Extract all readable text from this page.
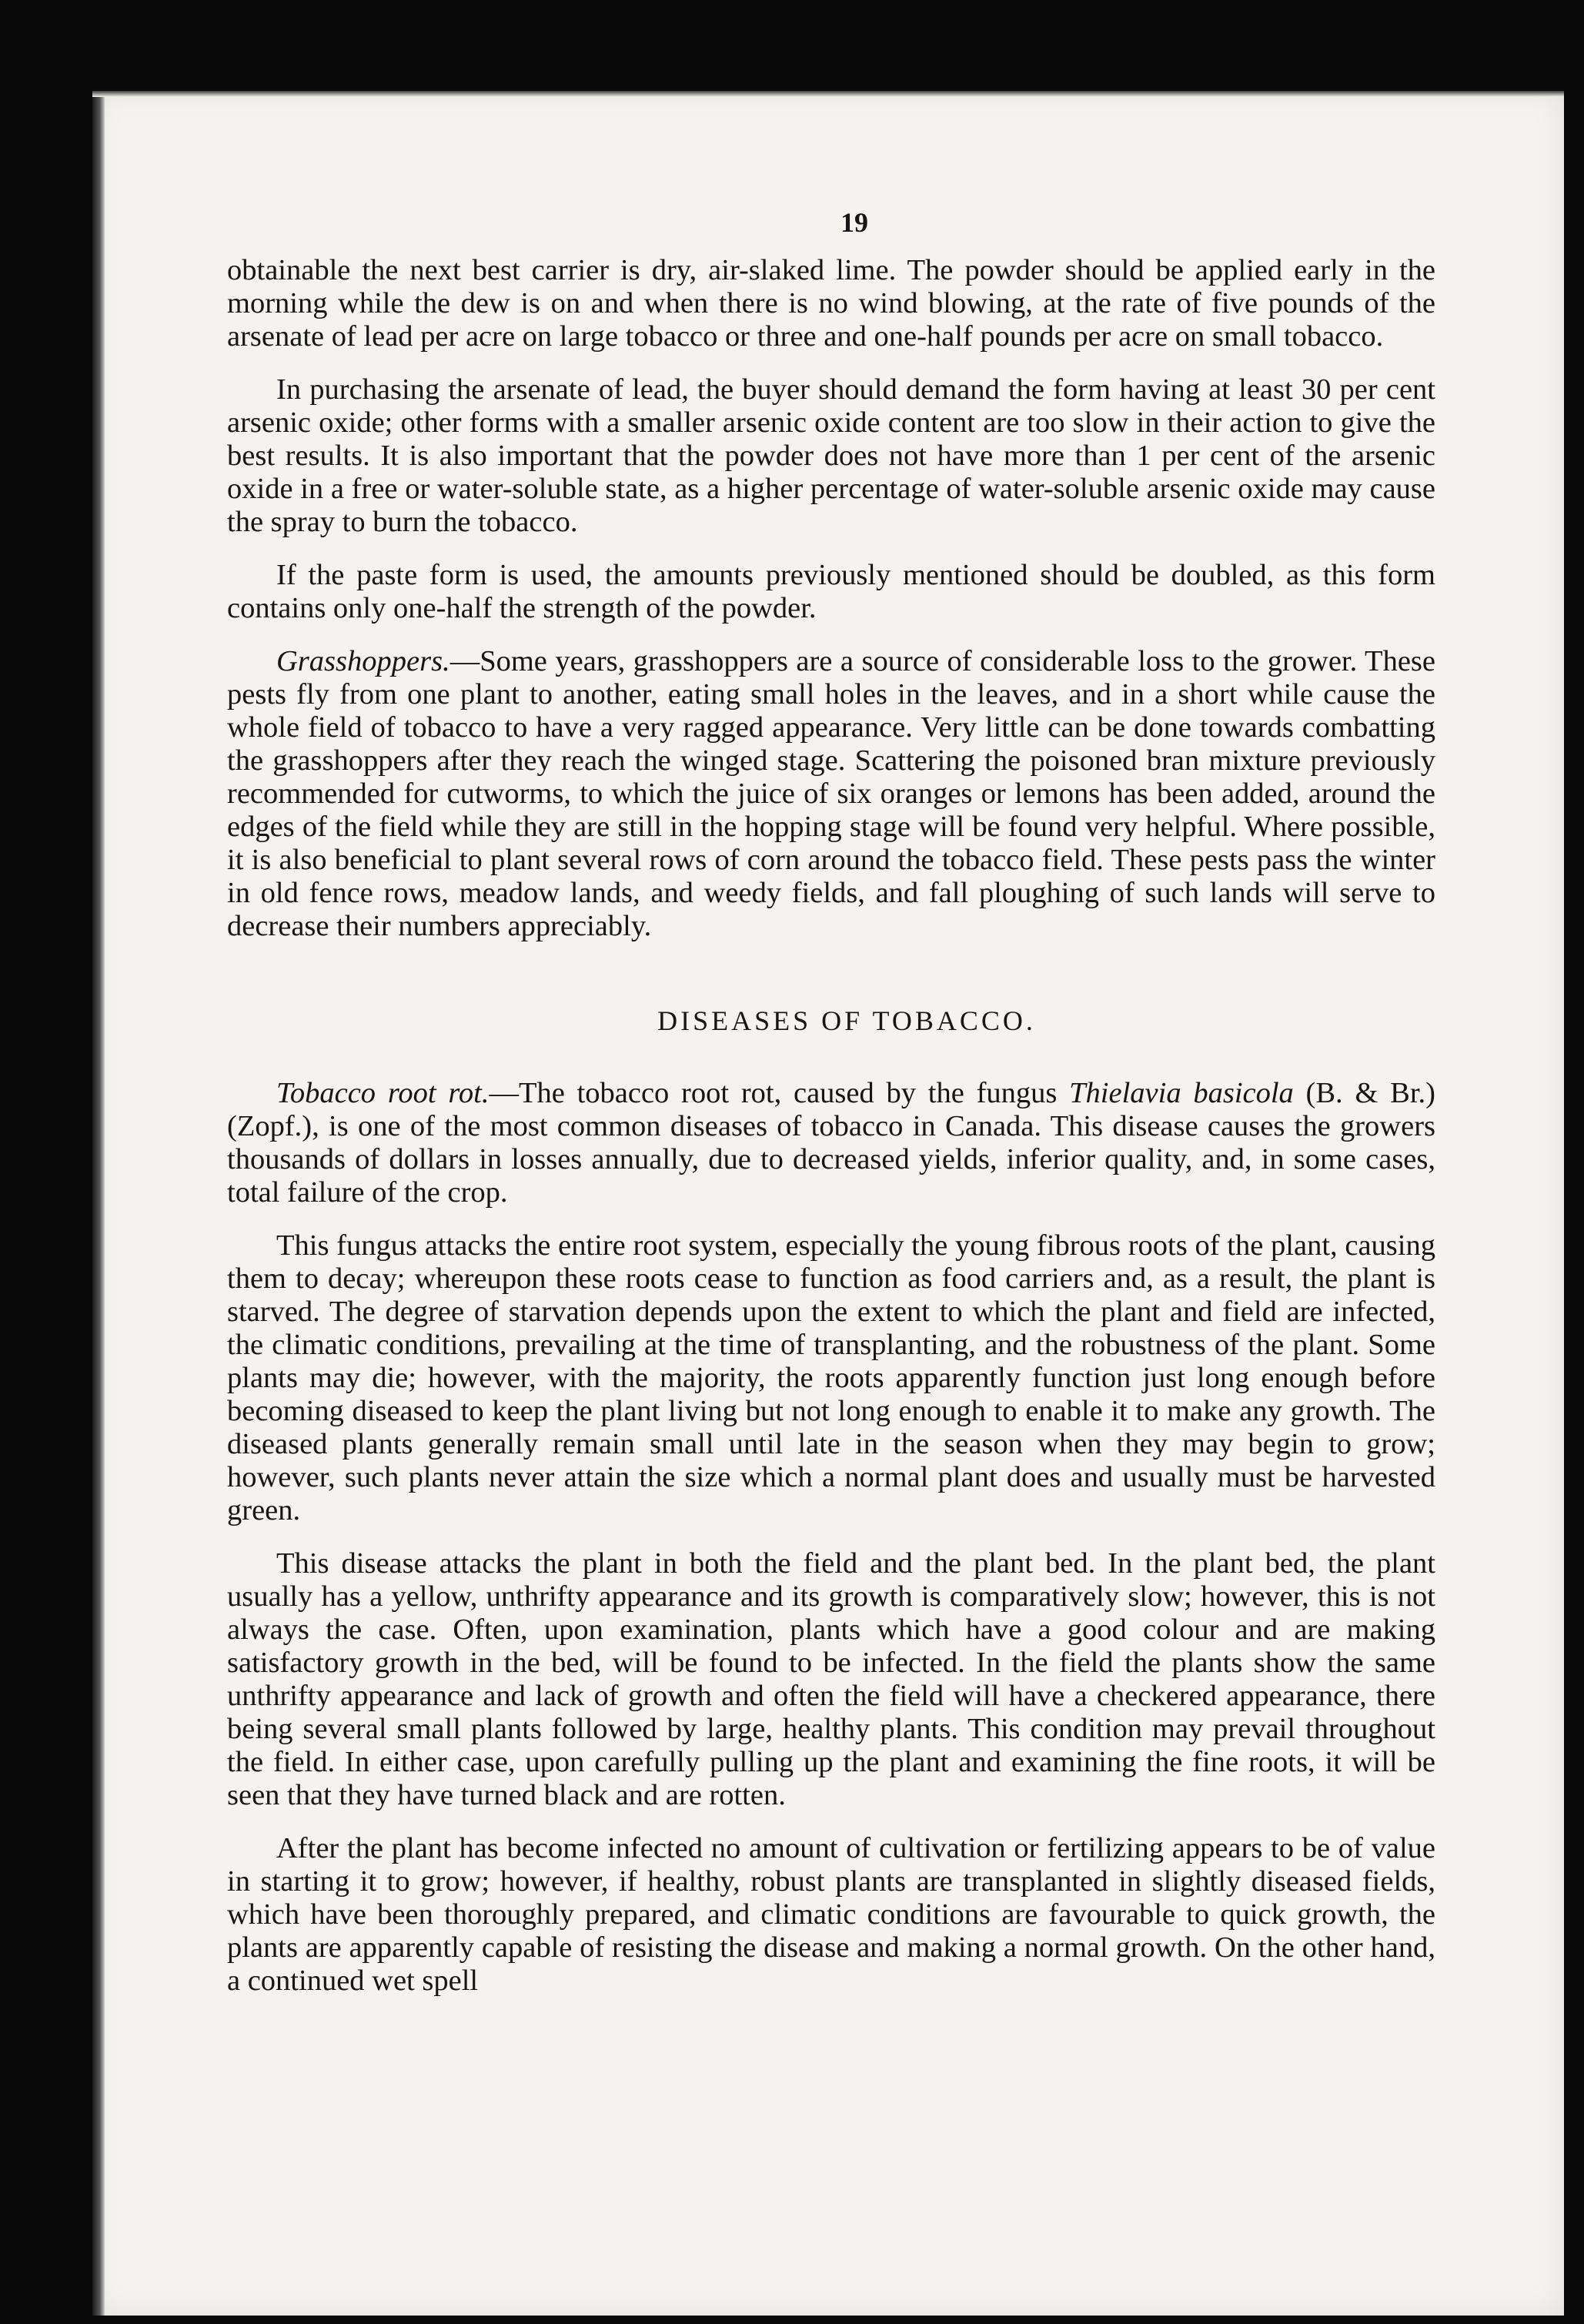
19

obtainable the next best carrier is dry, air-slaked lime. The powder should be applied early in the morning while the dew is on and when there is no wind blowing, at the rate of five pounds of the arsenate of lead per acre on large tobacco or three and one-half pounds per acre on small tobacco.

In purchasing the arsenate of lead, the buyer should demand the form having at least 30 per cent arsenic oxide; other forms with a smaller arsenic oxide content are too slow in their action to give the best results. It is also important that the powder does not have more than 1 per cent of the arsenic oxide in a free or water-soluble state, as a higher percentage of water-soluble arsenic oxide may cause the spray to burn the tobacco.

If the paste form is used, the amounts previously mentioned should be doubled, as this form contains only one-half the strength of the powder.

Grasshoppers.—Some years, grasshoppers are a source of considerable loss to the grower. These pests fly from one plant to another, eating small holes in the leaves, and in a short while cause the whole field of tobacco to have a very ragged appearance. Very little can be done towards combatting the grasshoppers after they reach the winged stage. Scattering the poisoned bran mixture previously recommended for cutworms, to which the juice of six oranges or lemons has been added, around the edges of the field while they are still in the hopping stage will be found very helpful. Where possible, it is also beneficial to plant several rows of corn around the tobacco field. These pests pass the winter in old fence rows, meadow lands, and weedy fields, and fall ploughing of such lands will serve to decrease their numbers appreciably.

DISEASES OF TOBACCO.

Tobacco root rot.—The tobacco root rot, caused by the fungus Thielavia basicola (B. & Br.) (Zopf.), is one of the most common diseases of tobacco in Canada. This disease causes the growers thousands of dollars in losses annually, due to decreased yields, inferior quality, and, in some cases, total failure of the crop.

This fungus attacks the entire root system, especially the young fibrous roots of the plant, causing them to decay; whereupon these roots cease to function as food carriers and, as a result, the plant is starved. The degree of starvation depends upon the extent to which the plant and field are infected, the climatic conditions, prevailing at the time of transplanting, and the robustness of the plant. Some plants may die; however, with the majority, the roots apparently function just long enough before becoming diseased to keep the plant living but not long enough to enable it to make any growth. The diseased plants generally remain small until late in the season when they may begin to grow; however, such plants never attain the size which a normal plant does and usually must be harvested green.

This disease attacks the plant in both the field and the plant bed. In the plant bed, the plant usually has a yellow, unthrifty appearance and its growth is comparatively slow; however, this is not always the case. Often, upon examination, plants which have a good colour and are making satisfactory growth in the bed, will be found to be infected. In the field the plants show the same unthrifty appearance and lack of growth and often the field will have a checkered appearance, there being several small plants followed by large, healthy plants. This condition may prevail throughout the field. In either case, upon carefully pulling up the plant and examining the fine roots, it will be seen that they have turned black and are rotten.

After the plant has become infected no amount of cultivation or fertilizing appears to be of value in starting it to grow; however, if healthy, robust plants are transplanted in slightly diseased fields, which have been thoroughly prepared, and climatic conditions are favourable to quick growth, the plants are apparently capable of resisting the disease and making a normal growth. On the other hand, a continued wet spell
